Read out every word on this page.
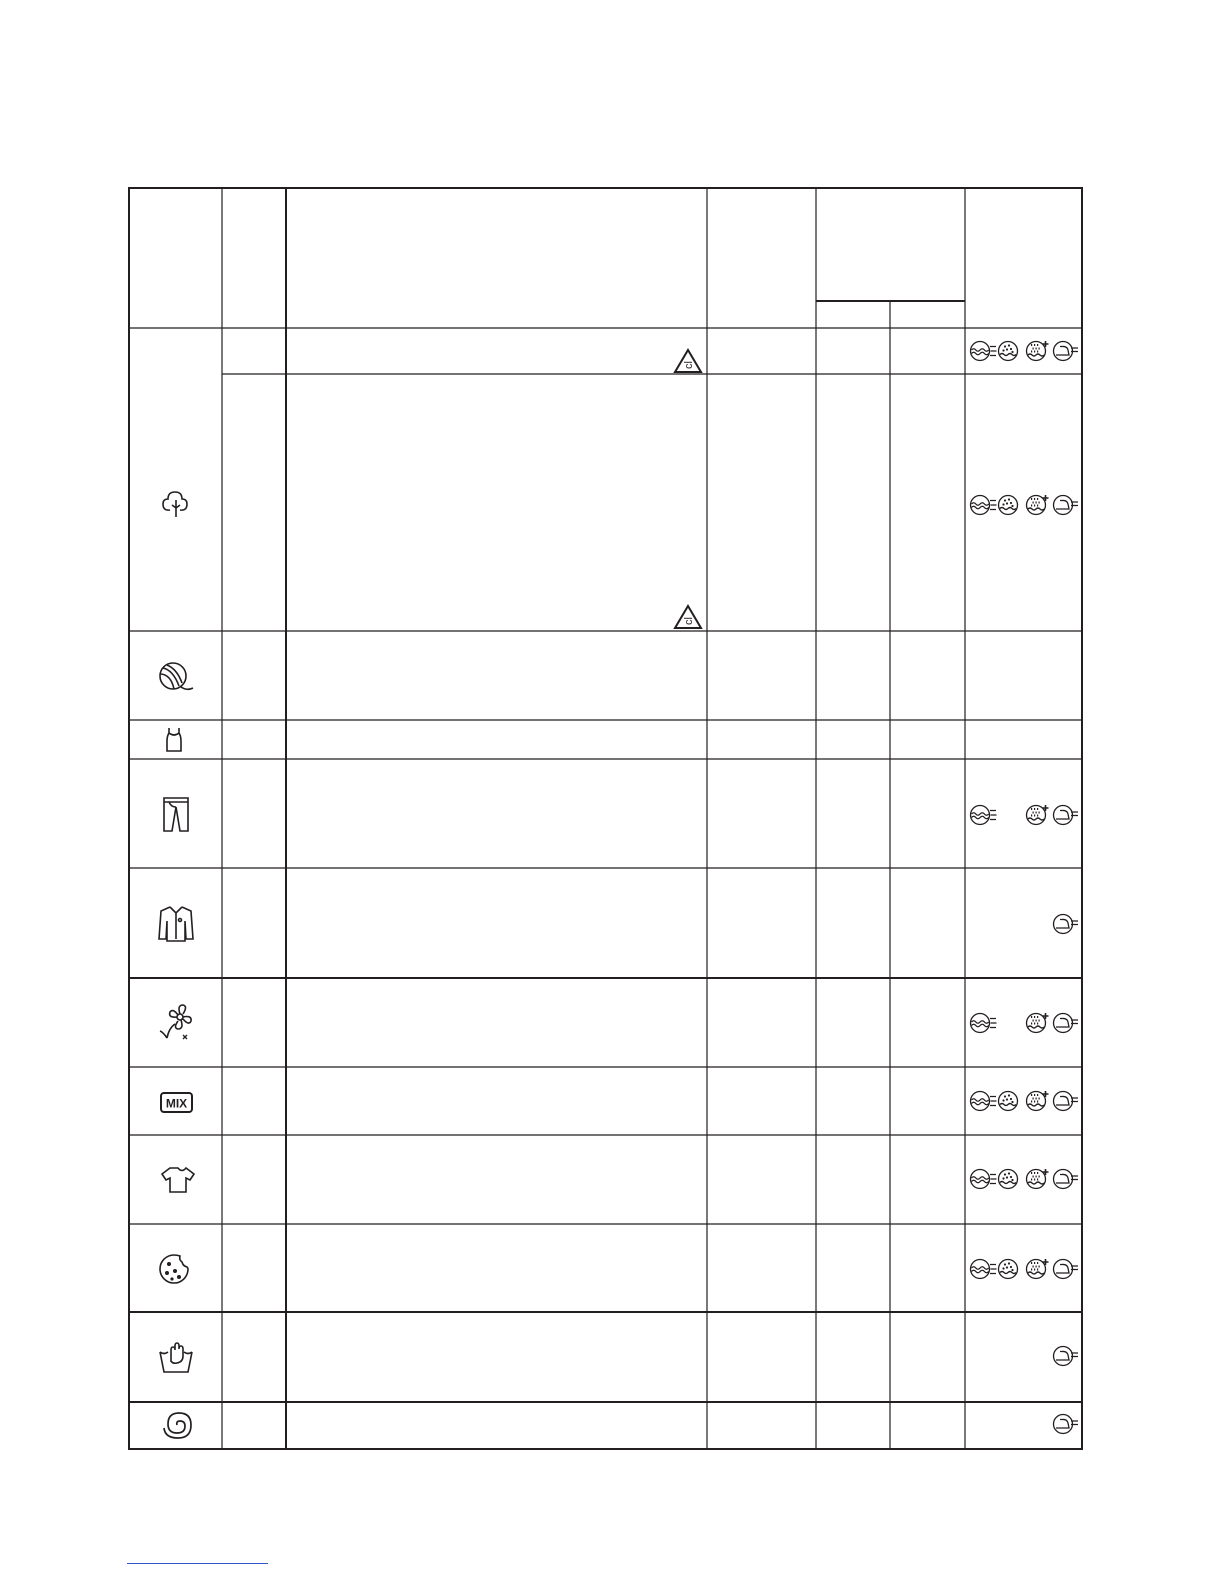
cl
MIX
